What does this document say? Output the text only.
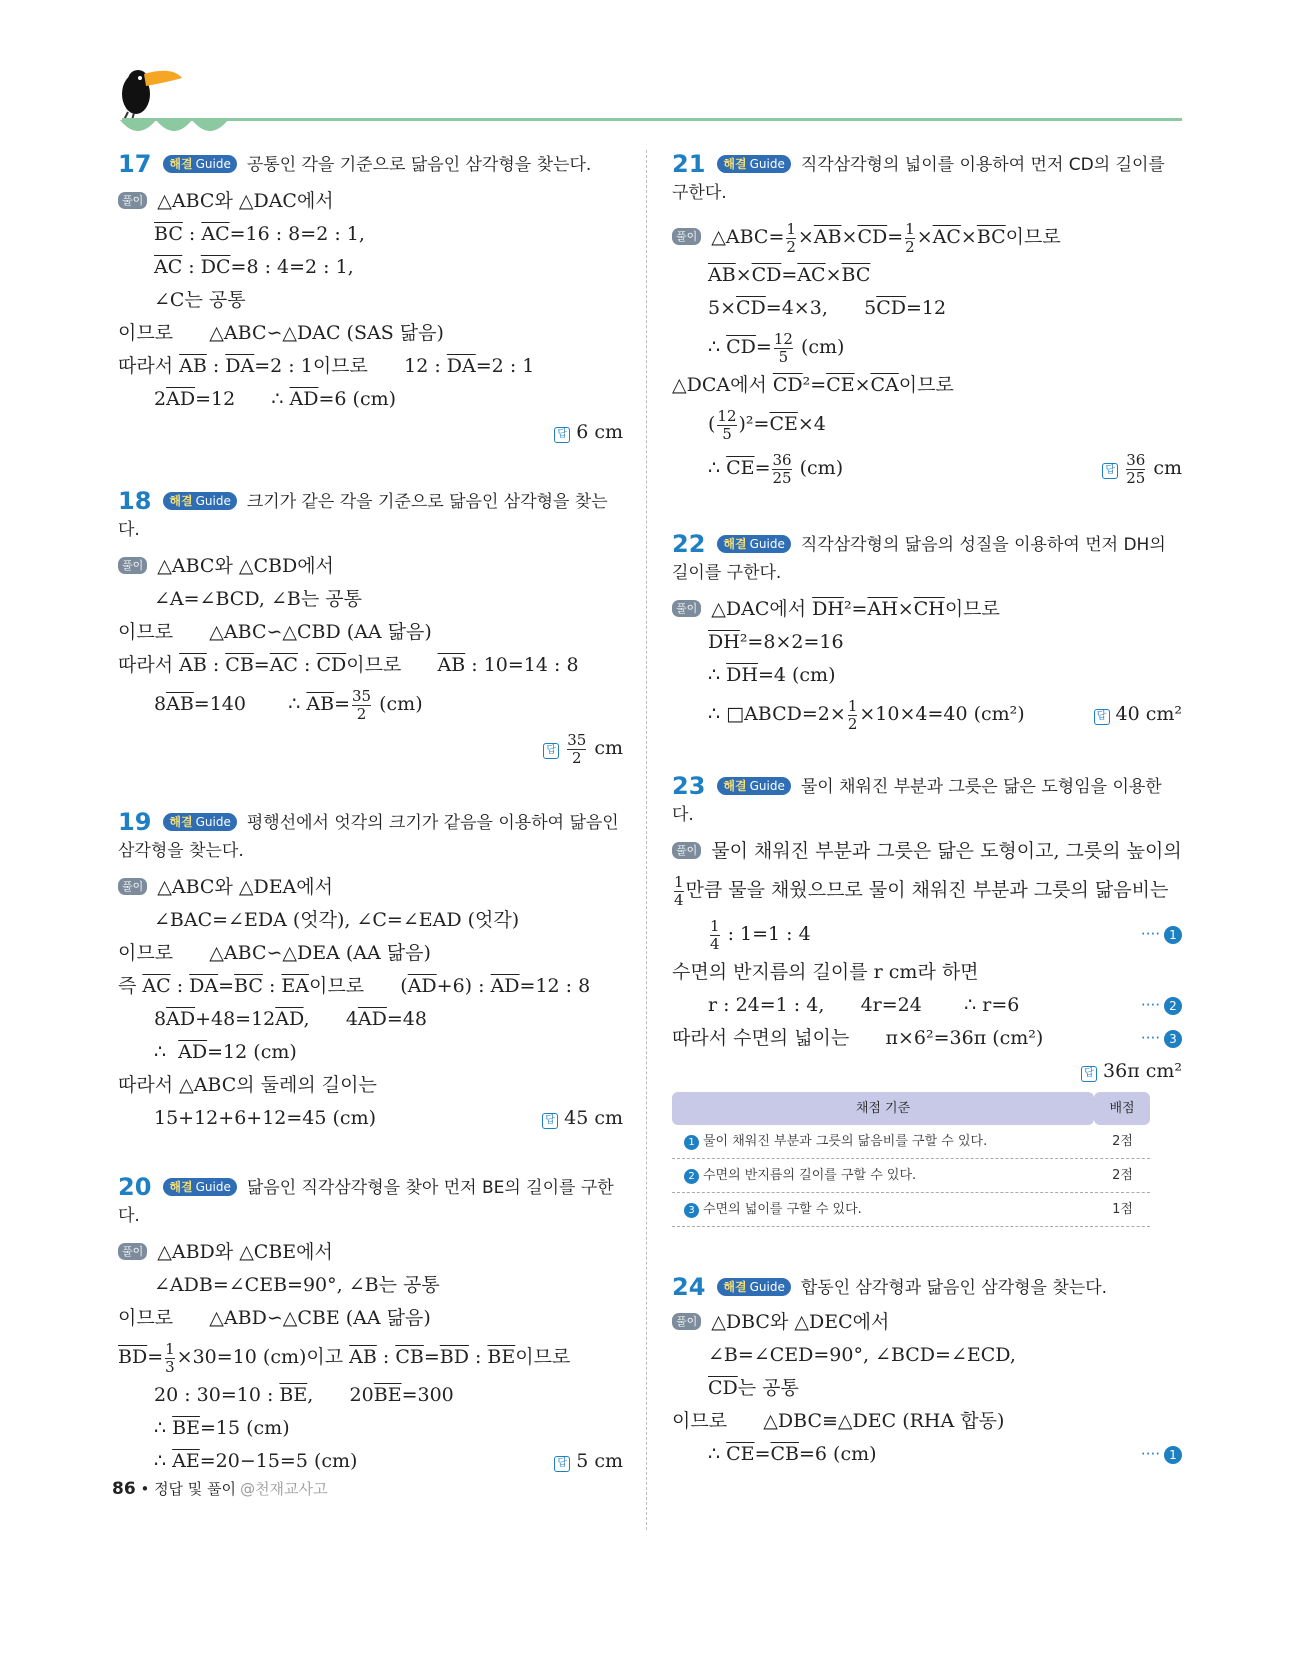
17 해결 Guide 공통인 각을 기준으로 닮음인 삼각형을 찾는다.
풀이 △ABC와 △DAC에서
$\overline{BC}$ : $\overline{AC}=16$ : 8=2 : 1,
$\overline{AC}$ : $\overline{DC}=8$ : 4=2 : 1,
∠C는 공통
이므로      △ABC∽△DAC (SAS 닮음)
따라서 $\overline{AB}$ : $\overline{DA}=2$ : 1이므로      12 : $\overline{DA}=2$ : 1
$2\overline{AD}=12$      ∴ $\overline{AD}=6$ (cm)
답 6 cm
18 해결 Guide 크기가 같은 각을 기준으로 닮음인 삼각형을 찾는다.
풀이 △ABC와 △CBD에서
∠A=∠BCD, ∠B는 공통
이므로      △ABC∽△CBD (AA 닮음)
따라서 $\overline{AB}$ : $\overline{CB}=\overline{AC}$ : $\overline{CD}$이므로      $\overline{AB}$ : 10=14 : 8
$8\overline{AB}=140$       ∴ $\overline{AB}= \frac{35}{2} (cm)$
답 $\frac{35}{2}$ cm
19 해결 Guide 평행선에서 엇각의 크기가 같음을 이용하여 닮음인 삼각형을 찾는다.
풀이 △ABC와 △DEA에서
∠BAC=∠EDA (엇각), ∠C=∠EAD (엇각)
이므로      △ABC∽△DEA (AA 닮음)
즉 $\overline{AC}$ : $\overline{DA}=\overline{BC}$ : $\overline{EA}$이므로      $(\overline{AD}+6)$ : $\overline{AD}=12$ : 8
$8\overline{AD}+48=12\overline{AD}$,      $4\overline{AD}=48$
∴  $\overline{AD}=12$ (cm)
따라서 △ABC의 둘레의 길이는
15+12+6+12=45 (cm)	답 45 cm
20 해결 Guide 닮음인 직각삼각형을 찾아 먼저 BE의 길이를 구한다.
풀이 △ABD와 △CBE에서
∠ADB=∠CEB=90°, ∠B는 공통
이므로      △ABD∽△CBE (AA 닮음)
$\overline{BD}= \frac{1}{3} \times 30=10$ (cm)이고 $\overline{AB}$ : $\overline{CB}=\overline{BD}$ : $\overline{BE}$이므로
20 : 30=10 : $\overline{BE}$,      $20\overline{BE}=300$
∴ $\overline{BE}=15$ (cm)
∴ $\overline{AE}=20-15=5$ (cm)	답 5 cm
21 해결 Guide 직각삼각형의 넓이를 이용하여 먼저 CD의 길이를 구한다.
풀이 △ABC= $\frac{1}{2} \times\overline{AB}\times\overline{CD}= \frac{1}{2} \times\overline{AC}\times\overline{BC}$이므로
$\overline{AB}\times\overline{CD}=\overline{AC}\times\overline{BC}$
$5\times\overline{CD}=4\times 3$,      $5\overline{CD}=12$
∴ $\overline{CD}= \frac{12}{5} (cm)$
△DCA에서 $\overline{CD}^2=\overline{CE}\times\overline{CA}$이므로
( $\frac{12}{5} )^2=\overline{CE}\times 4$
∴ $\overline{CE}= \frac{36}{25} (cm)$	답 $\frac{36}{25}$ cm
22 해결 Guide 직각삼각형의 닮음의 성질을 이용하여 먼저 DH의 길이를 구한다.
풀이 △DAC에서 $\overline{DH}^2=\overline{AH}\times\overline{CH}$이므로
$\overline{DH}^2=8\times 2=16$
∴ $\overline{DH}=4$ (cm)
∴ □ABCD=2× $\frac{1}{2} \times 10\times 4=40$ (cm²)	답 40 cm²
23 해결 Guide 물이 채워진 부분과 그릇은 닮은 도형임을 이용한다.
풀이 물이 채워진 부분과 그릇은 닮은 도형이고, 그릇의 높이의
$\frac{1}{4}$ 만큼 물을 채웠으므로 물이 채워진 부분과 그릇의 닮음비는
$\frac{1}{4}$ : 1=1 : 4	···· 1
수면의 반지름의 길이를 r cm라 하면
r : 24=1 : 4,      4r=24       ∴ r=6	···· 2
따라서 수면의 넓이는      π×6²=36π (cm²)	···· 3
답 36π cm²
채점 기준	배점
1 물이 채워진 부분과 그릇의 닮음비를 구할 수 있다.	2점
2 수면의 반지름의 길이를 구할 수 있다.	2점
3 수면의 넓이를 구할 수 있다.	1점
24 해결 Guide 합동인 삼각형과 닮음인 삼각형을 찾는다.
풀이 △DBC와 △DEC에서
∠B=∠CED=90°, ∠BCD=∠ECD,
$\overline{CD}$는 공통
이므로      △DBC≡△DEC (RHA 합동)
∴ $\overline{CE}=\overline{CB}=6$ (cm)	···· 1
86 • 정답 및 풀이 @천재교사고
